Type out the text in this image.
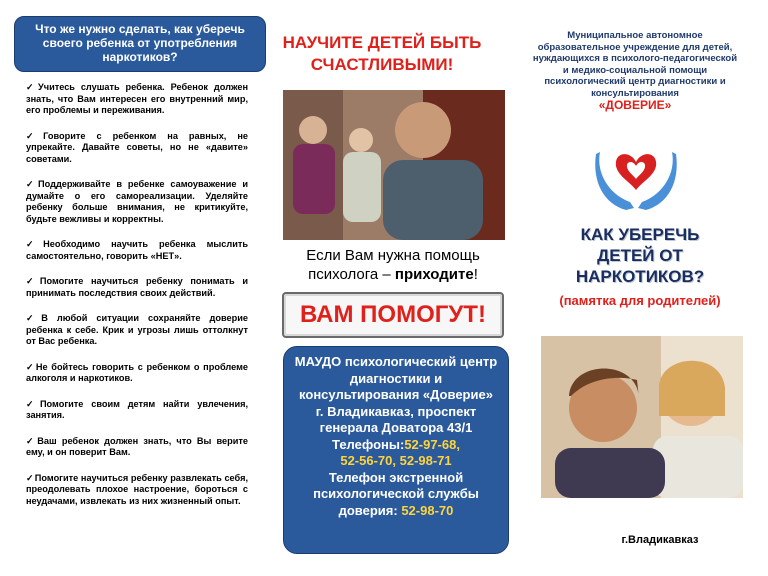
Что же нужно сделать, как уберечь своего ребенка от употребления наркотиков?
✓Учитесь слушать ребенка. Ребенок должен знать, что Вам интересен его внутренний мир, его проблемы и переживания.
✓Говорите с ребенком на равных, не упрекайте. Давайте советы, но не «давите» советами.
✓Поддерживайте в ребенке самоуважение и думайте о его самореализации. Уделяйте ребенку больше внимания, не критикуйте, будьте вежливы и корректны.
✓Необходимо научить ребенка мыслить самостоятельно, говорить «НЕТ».
✓Помогите научиться ребенку понимать и принимать последствия своих действий.
✓В любой ситуации сохраняйте доверие ребенка к себе. Крик и угрозы лишь оттолкнут от Вас ребенка.
✓Не бойтесь говорить с ребенком о проблеме алкоголя и наркотиков.
✓Помогите своим детям найти увлечения, занятия.
✓Ваш ребенок должен знать, что Вы верите ему, и он поверит Вам.
✓Помогите научиться ребенку развлекать себя, преодолевать плохое настроение, бороться с неудачами, извлекать из них жизненный опыт.
НАУЧИТЕ ДЕТЕЙ БЫТЬ СЧАСТЛИВЫМИ!
Если Вам нужна помощь
психолога – приходите!
ВАМ ПОМОГУТ!
МАУДО психологический центр диагностики и консультирования «Доверие»
г. Владикавказ, проспект генерала Доватора 43/1
Телефоны:52-97-68,
52-56-70, 52-98-71
Телефон экстренной психологической службы доверия: 52-98-70
Муниципальное автономное образовательное учреждение для детей, нуждающихся в психолого-педагогической и медико-социальной помощи психологический центр диагностики и консультирования
«ДОВЕРИЕ»
КАК УБЕРЕЧЬ
ДЕТЕЙ ОТ
НАРКОТИКОВ?
(памятка для родителей)
г.Владикавказ
